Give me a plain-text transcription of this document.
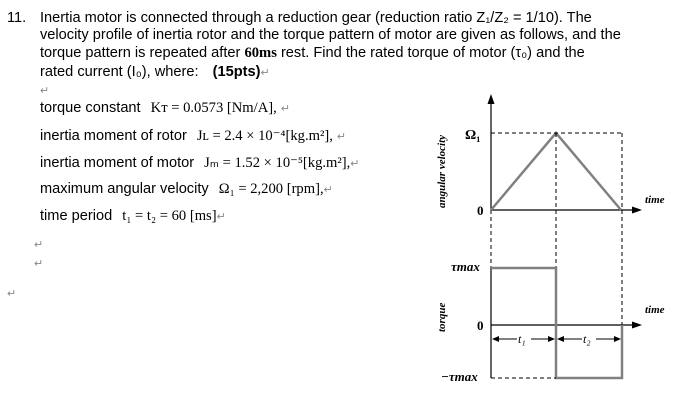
11. Inertia motor is connected through a reduction gear (reduction ratio Z₁/Z₂ = 1/10). The
velocity profile of inertia rotor and the torque pattern of motor are given as follows, and the
torque pattern is repeated after 60ms rest. Find the rated torque of motor (τ₀) and the
rated current (I₀), where: (15pts)↵
↵
torque constant Kᴛ = 0.0573 [Nm/A], ↵
inertia moment of rotor Jʟ = 2.4 × 10⁻⁴[kg.m²], ↵
inertia moment of motor Jₘ = 1.52 × 10⁻⁵[kg.m²],↵
maximum angular velocity Ω₁ = 2,200 [rpm],↵
time period t₁ = t₂ = 60 [ms]↵
↵
↵
↵
Ω₁
0
time
angular velocity
t₁	t₂
τmax
0
−τmax
time
torque
